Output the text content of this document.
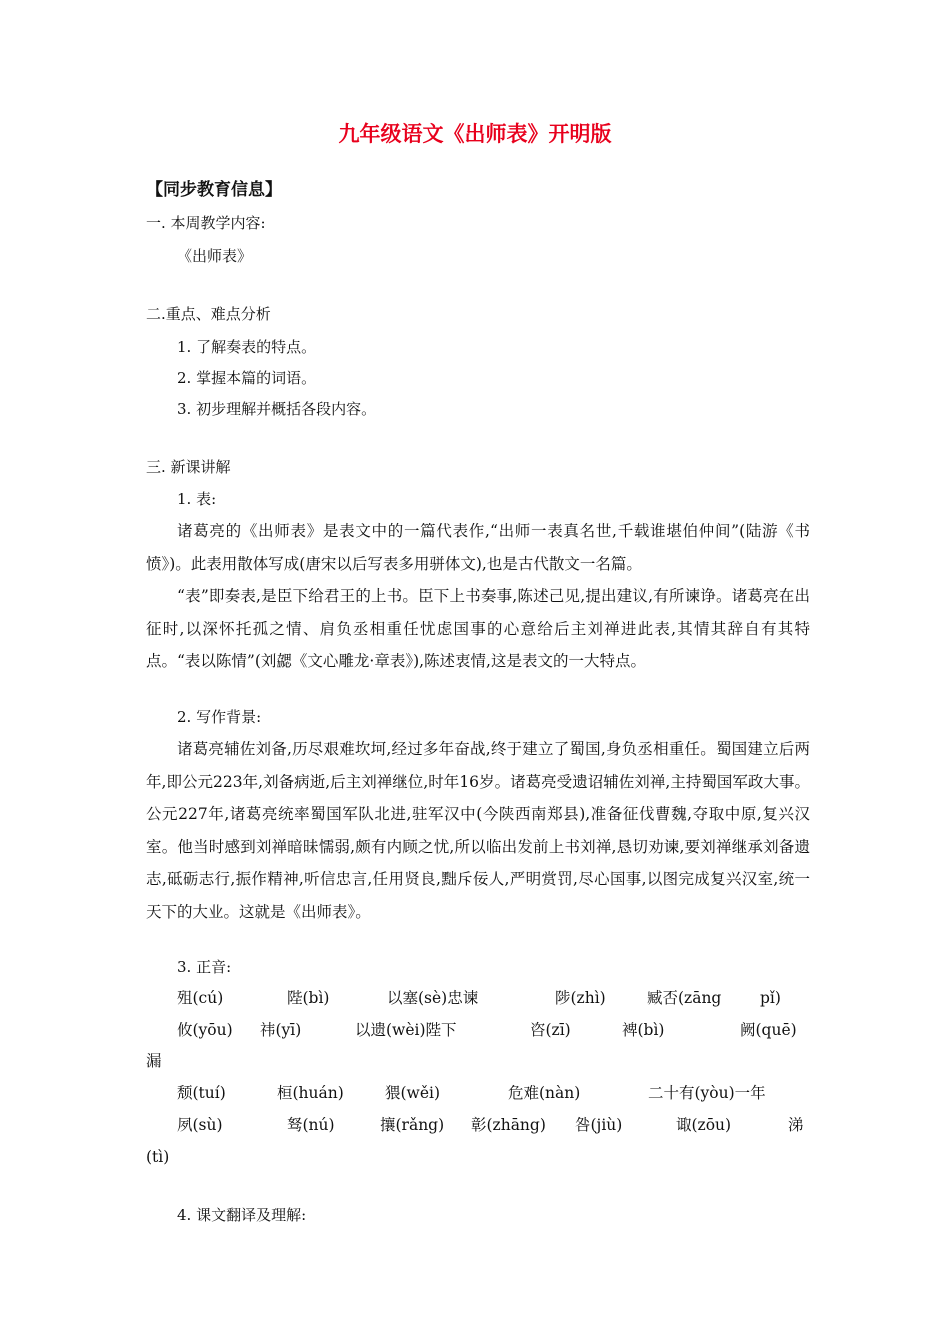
九年级语文《出师表》开明版
【同步教育信息】
一. 本周教学内容:
《出师表》
二.重点、难点分析
1. 了解奏表的特点。
2. 掌握本篇的词语。
3. 初步理解并概括各段内容。
三. 新课讲解
1. 表:

诸葛亮的《出师表》是表文中的一篇代表作,“出师一表真名世,千载谁堪伯仲间”(陆游《书愤》)。此表用散体写成(唐宋以后写表多用骈体文),也是古代散文一名篇。

“表”即奏表,是臣下给君王的上书。臣下上书奏事,陈述己见,提出建议,有所谏诤。诸葛亮在出征时,以深怀托孤之情、肩负丞相重任忧虑国事的心意给后主刘禅进此表,其情其辞自有其特点。“表以陈情”(刘勰《文心雕龙·章表》),陈述衷情,这是表文的一大特点。

2. 写作背景:

诸葛亮辅佐刘备,历尽艰难坎坷,经过多年奋战,终于建立了蜀国,身负丞相重任。蜀国建立后两年,即公元223年,刘备病逝,后主刘禅继位,时年16岁。诸葛亮受遗诏辅佐刘禅,主持蜀国军政大事。公元227年,诸葛亮统率蜀国军队北进,驻军汉中(今陕西南郑县),准备征伐曹魏,夺取中原,复兴汉室。他当时感到刘禅暗昧懦弱,颇有内顾之忧,所以临出发前上书刘禅,恳切劝谏,要刘禅继承刘备遗志,砥砺志行,振作精神,听信忠言,任用贤良,黜斥佞人,严明赏罚,尽心国事,以图完成复兴汉室,统一天下的大业。这就是《出师表》。

3. 正音:
殂(cú)	陛(bì)	以塞(sè)忠谏	陟(zhì)	臧否(zāng pǐ)
攸(yōu) 祎(yī)	以遗(wèi)陛下	咨(zī)	裨(bì)	阙(quē)
漏
颓(tuí)	桓(huán)	猥(wěi)	危难(nàn)	二十有(yòu)一年
夙(sù)	驽(nú)	攘(rǎng) 彰(zhāng) 咎(jiù)	诹(zōu)	涕
(tì)
4. 课文翻译及理解:
